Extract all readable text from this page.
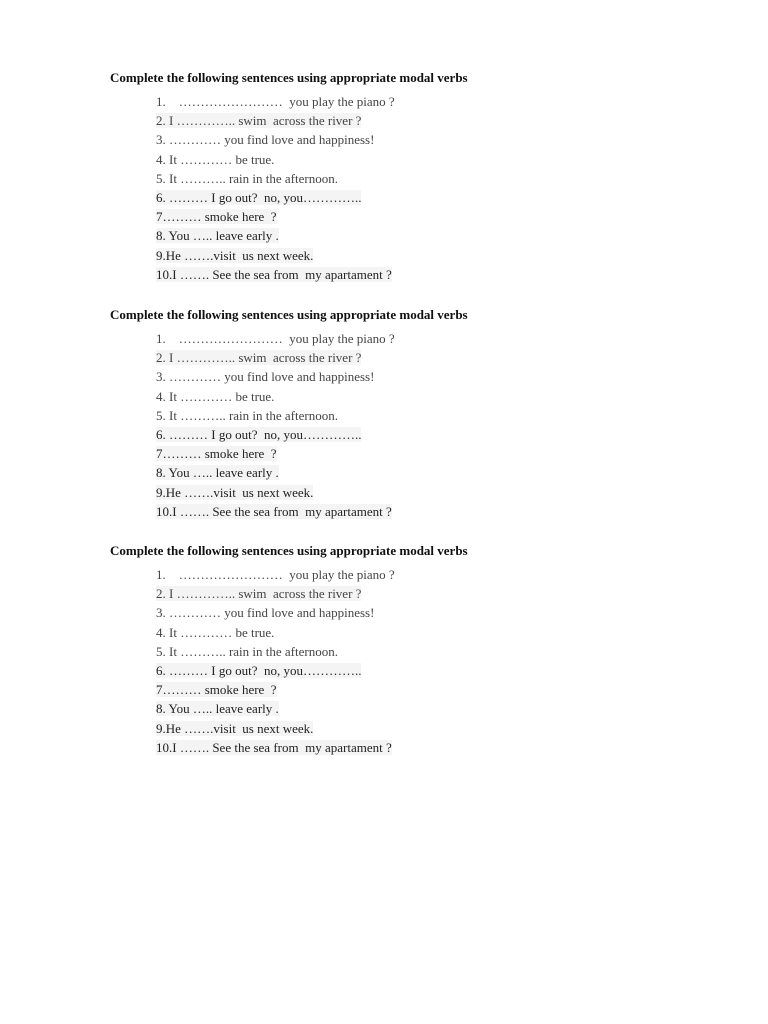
Complete the following sentences using appropriate modal verbs

1.    ……………………  you play the piano ?
2. I ………….. swim  across the river ?
3. ………… you find love and happiness!
4. It ………… be true.
5. It ……….. rain in the afternoon.
6. ……… I go out?  no, you…………..
7……… smoke here  ?
8. You ….. leave early .
9.He …….visit  us next week.
10.I ……. See the sea from  my apartament ?

Complete the following sentences using appropriate modal verbs

1.    ……………………  you play the piano ?
2. I ………….. swim  across the river ?
3. ………… you find love and happiness!
4. It ………… be true.
5. It ……….. rain in the afternoon.
6. ……… I go out?  no, you…………..
7……… smoke here  ?
8. You ….. leave early .
9.He …….visit  us next week.
10.I ……. See the sea from  my apartament ?

Complete the following sentences using appropriate modal verbs

1.    ……………………  you play the piano ?
2. I ………….. swim  across the river ?
3. ………… you find love and happiness!
4. It ………… be true.
5. It ……….. rain in the afternoon.
6. ……… I go out?  no, you…………..
7……… smoke here  ?
8. You ….. leave early .
9.He …….visit  us next week.
10.I ……. See the sea from  my apartament ?
